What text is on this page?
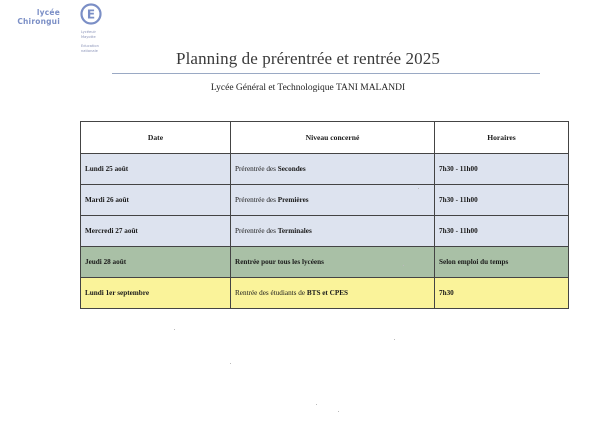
lycée
Chirongui E
Lycéeuir
Mayotte
Education
nationale	Planning de prérentrée et rentrée 2025
Lycée Général et Technologique TANI MALANDI
Date	Niveau concerné	Horaires
Lundi 25 août	Prérentrée des Secondes	7h30 - 11h00
Mardi 26 août	Prérentrée des Premières	7h30 - 11h00
Mercredi 27 août	Prérentrée des Terminales	7h30 - 11h00
Jeudi 28 août	Rentrée pour tous les lycéens	Selon emploi du temps
Lundi 1er septembre	Rentrée des étudiants de BTS et CPES	7h30
